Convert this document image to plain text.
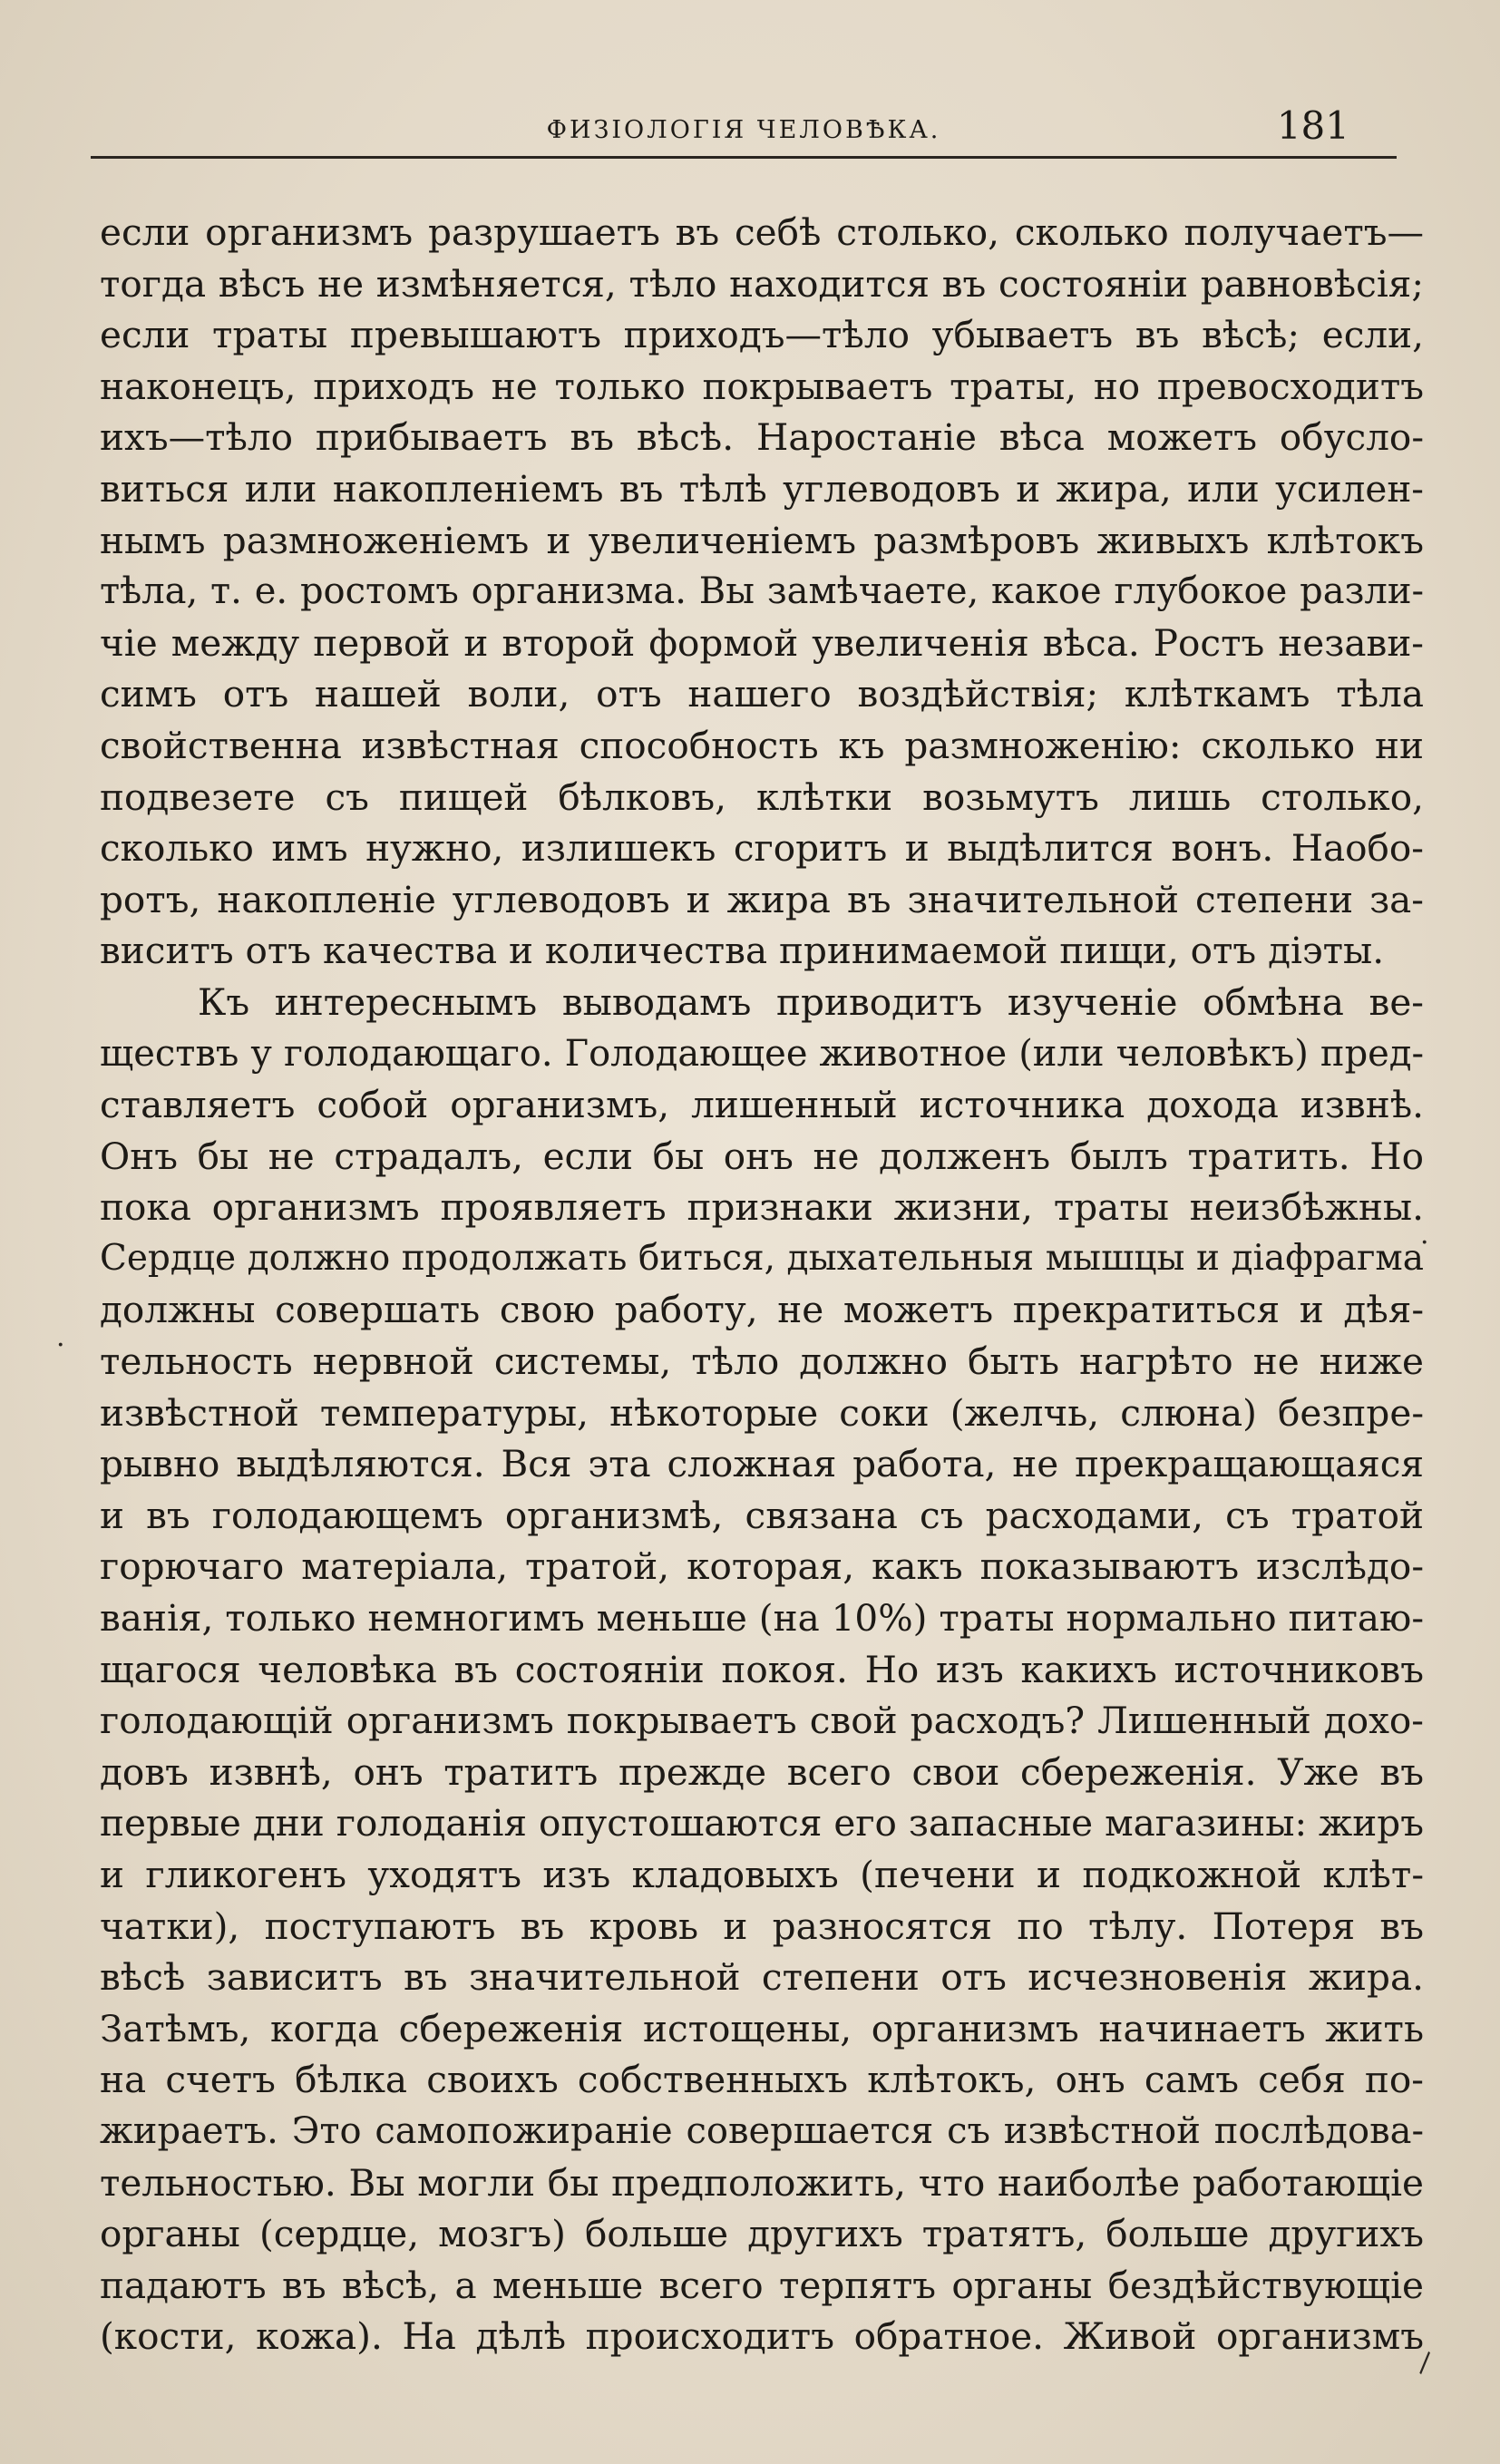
ФИЗІОЛОГІЯ ЧЕЛОВѢКА.	181
если организмъ разрушаетъ въ себѣ столько, сколько получаетъ—
тогда вѣсъ не измѣняется, тѣло находится въ состояніи равновѣсія;
если траты превышаютъ приходъ—тѣло убываетъ въ вѣсѣ; если,
наконецъ, приходъ не только покрываетъ траты, но превосходитъ
ихъ—тѣло прибываетъ въ вѣсѣ. Наростаніе вѣса можетъ обусло-
виться или накопленіемъ въ тѣлѣ углеводовъ и жира, или усилен-
нымъ размноженіемъ и увеличеніемъ размѣровъ живыхъ клѣтокъ
тѣла, т. е. ростомъ организма. Вы замѣчаете, какое глубокое разли-
чіе между первой и второй формой увеличенія вѣса. Ростъ незави-
симъ отъ нашей воли, отъ нашего воздѣйствія; клѣткамъ тѣла
свойственна извѣстная способность къ размноженію: сколько ни
подвезете съ пищей бѣлковъ, клѣтки возьмутъ лишь столько,
сколько имъ нужно, излишекъ сгоритъ и выдѣлится вонъ. Наобо-
ротъ, накопленіе углеводовъ и жира въ значительной степени за-
виситъ отъ качества и количества принимаемой пищи, отъ діэты.
Къ интереснымъ выводамъ приводитъ изученіе обмѣна ве-
ществъ у голодающаго. Голодающее животное (или человѣкъ) пред-
ставляетъ собой организмъ, лишенный источника дохода извнѣ.
Онъ бы не страдалъ, если бы онъ не долженъ былъ тратить. Но
пока организмъ проявляетъ признаки жизни, траты неизбѣжны.
Сердце должно продолжать биться, дыхательныя мышцы и діафрагма
должны совершать свою работу, не можетъ прекратиться и дѣя-
тельность нервной системы, тѣло должно быть нагрѣто не ниже
извѣстной температуры, нѣкоторые соки (желчь, слюна) безпре-
рывно выдѣляются. Вся эта сложная работа, не прекращающаяся
и въ голодающемъ организмѣ, связана съ расходами, съ тратой
горючаго матеріала, тратой, которая, какъ показываютъ изслѣдо-
ванія, только немногимъ меньше (на 10%) траты нормально питаю-
щагося человѣка въ состояніи покоя. Но изъ какихъ источниковъ
голодающій организмъ покрываетъ свой расходъ? Лишенный дохо-
довъ извнѣ, онъ тратитъ прежде всего свои сбереженія. Уже въ
первые дни голоданія опустошаются его запасные магазины: жиръ
и гликогенъ уходятъ изъ кладовыхъ (печени и подкожной клѣт-
чатки), поступаютъ въ кровь и разносятся по тѣлу. Потеря въ
вѣсѣ зависитъ въ значительной степени отъ исчезновенія жира.
Затѣмъ, когда сбереженія истощены, организмъ начинаетъ жить
на счетъ бѣлка своихъ собственныхъ клѣтокъ, онъ самъ себя по-
жираетъ. Это самопожираніе совершается съ извѣстной послѣдова-
тельностью. Вы могли бы предположить, что наиболѣе работающіе
органы (сердце, мозгъ) больше другихъ тратятъ, больше другихъ
падаютъ въ вѣсѣ, а меньше всего терпятъ органы бездѣйствующіе
(кости, кожа). На дѣлѣ происходитъ обратное. Живой организмъ
·
·
\
